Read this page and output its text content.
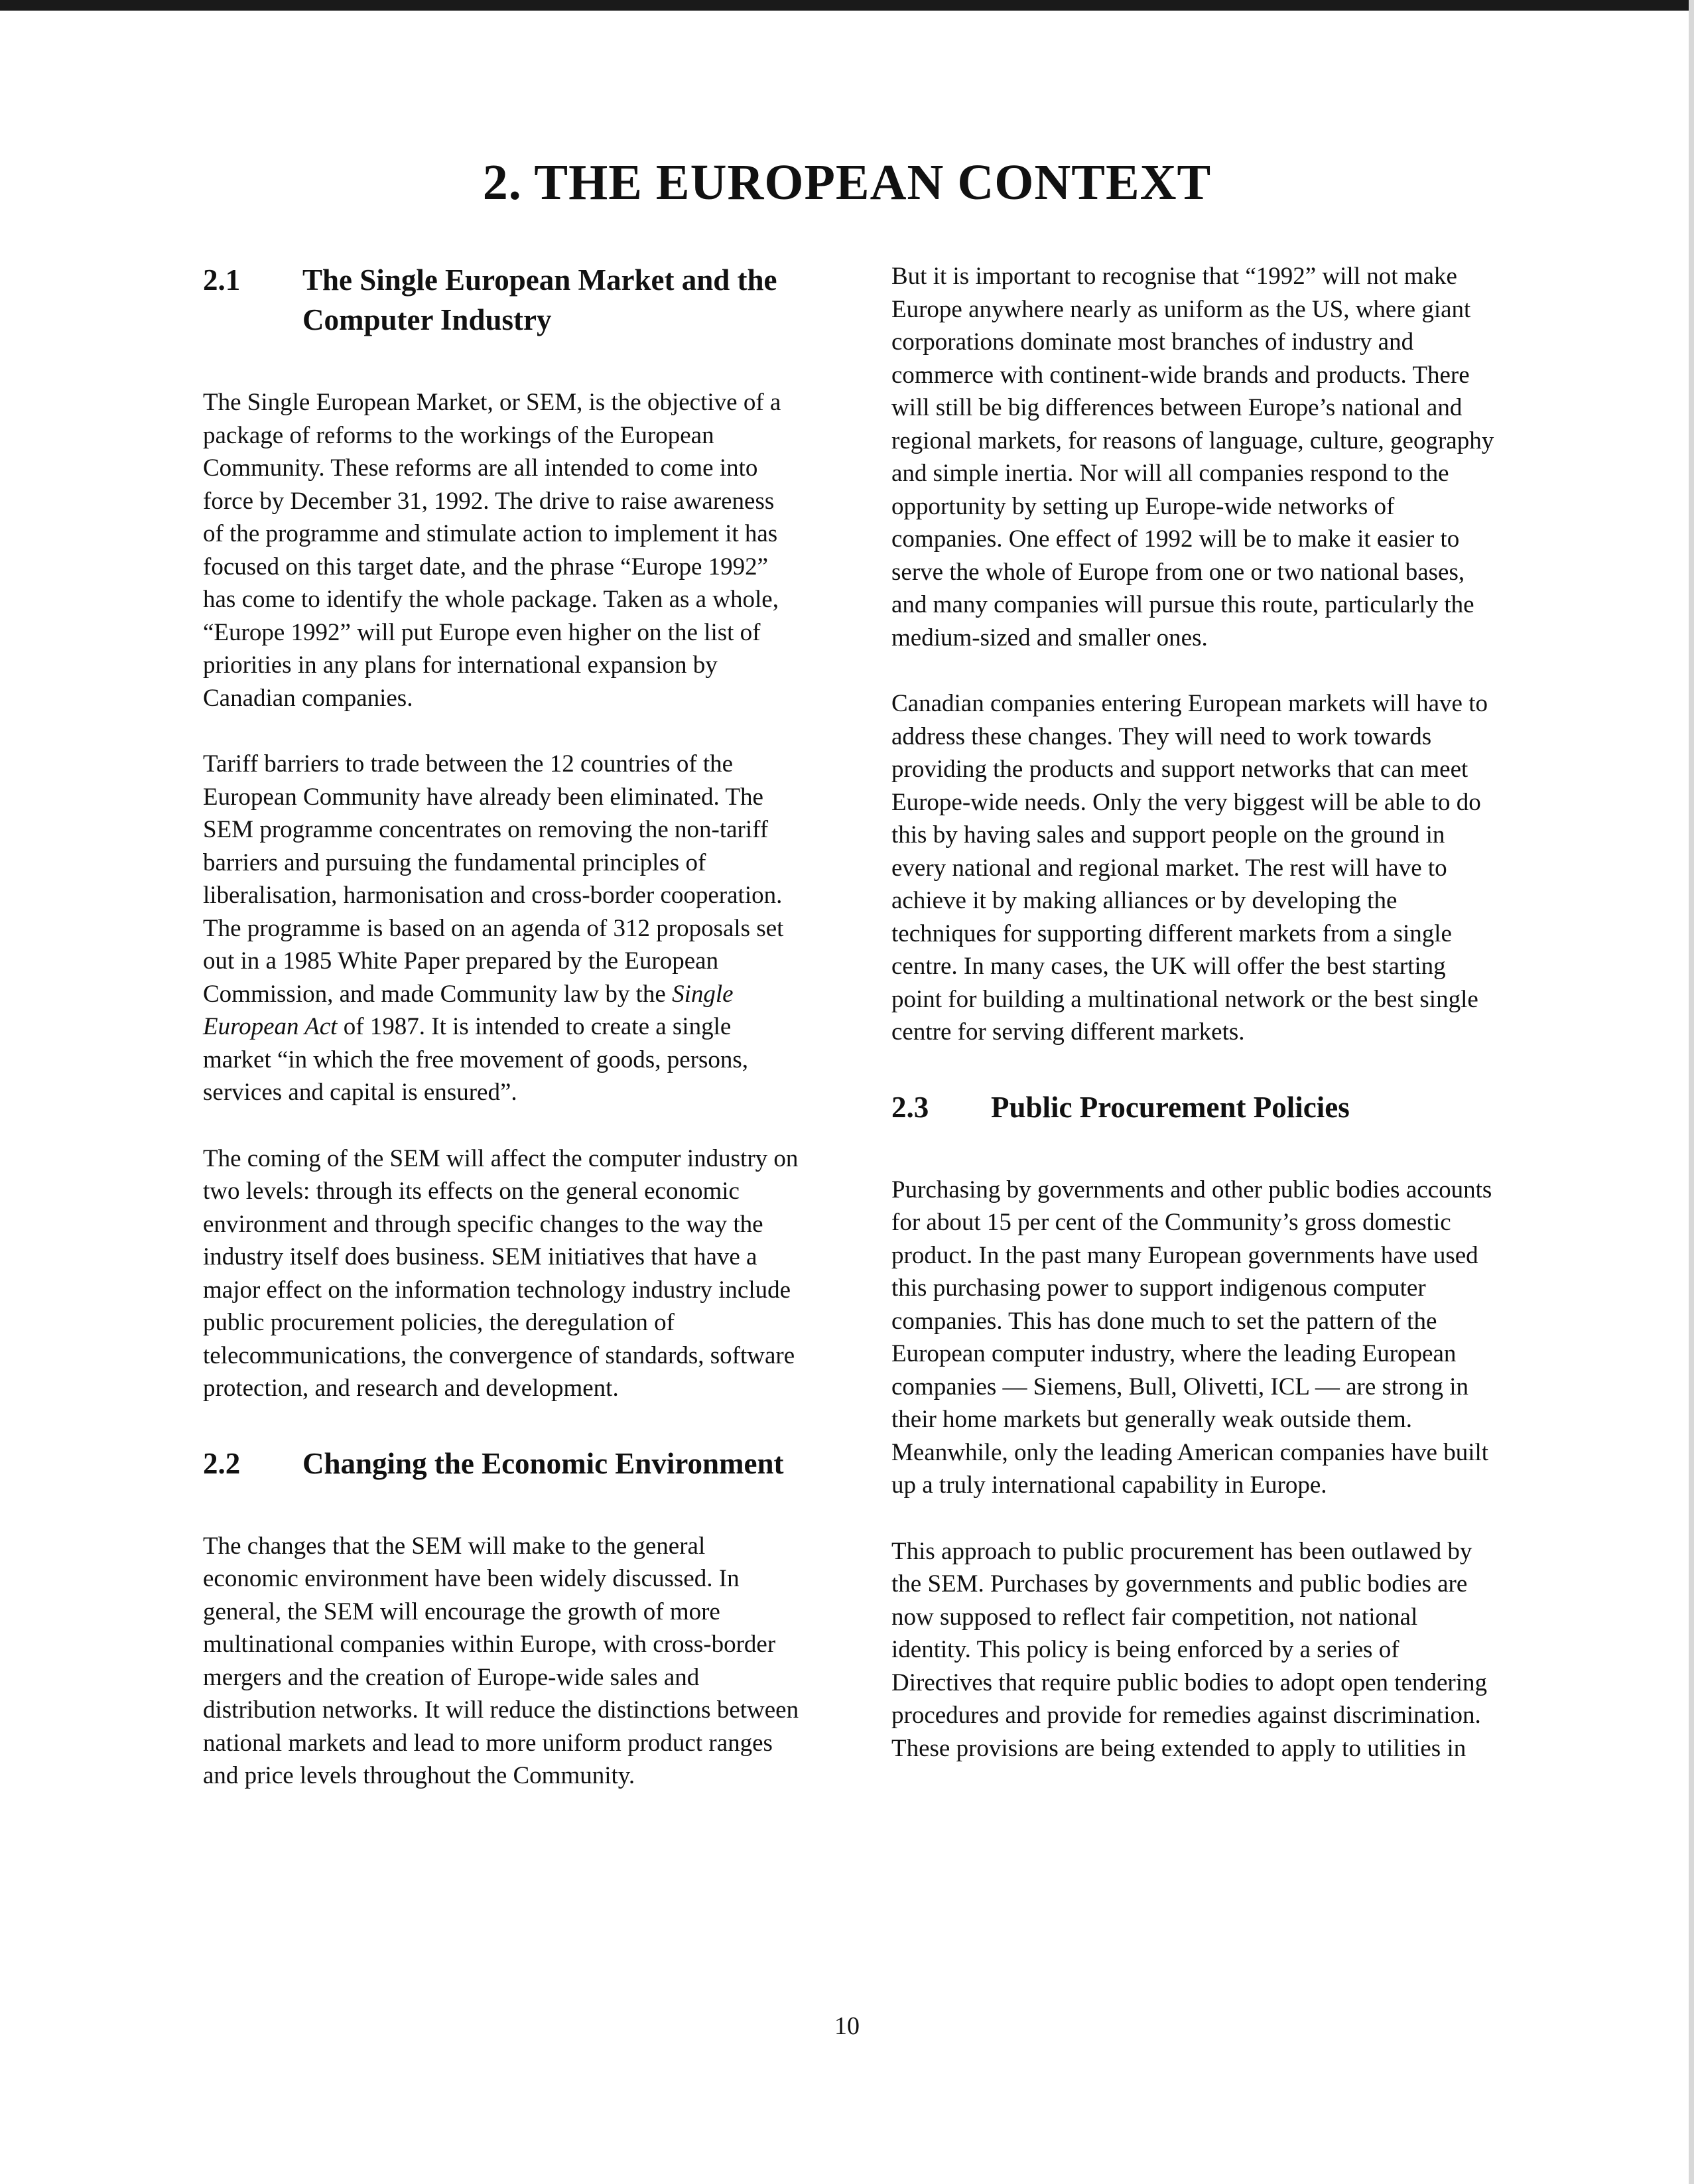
2. THE EUROPEAN CONTEXT
2.1	The Single European Market and the Computer Industry

The Single European Market, or SEM, is the objective of a package of reforms to the workings of the European Community. These reforms are all intended to come into force by December 31, 1992. The drive to raise awareness of the programme and stimulate action to implement it has focused on this target date, and the phrase “Europe 1992” has come to identify the whole package. Taken as a whole, “Europe 1992” will put Europe even higher on the list of priorities in any plans for international expansion by Canadian companies.

Tariff barriers to trade between the 12 countries of the European Community have already been eliminated. The SEM programme concentrates on removing the non-tariff barriers and pursuing the fundamental principles of liberalisation, harmonisation and cross-border cooperation. The programme is based on an agenda of 312 proposals set out in a 1985 White Paper prepared by the European Commission, and made Community law by the Single European Act of 1987. It is intended to create a single market “in which the free movement of goods, persons, services and capital is ensured”.

The coming of the SEM will affect the computer industry on two levels: through its effects on the general economic environment and through specific changes to the way the industry itself does business. SEM initiatives that have a major effect on the information technology industry include public procurement policies, the deregulation of telecommunications, the convergence of standards, software protection, and research and development.

2.2	Changing the Economic Environment

The changes that the SEM will make to the general economic environment have been widely discussed. In general, the SEM will encourage the growth of more multinational companies within Europe, with cross-border mergers and the creation of Europe-wide sales and distribution networks. It will reduce the distinctions between national markets and lead to more uniform product ranges and price levels throughout the Community.

But it is important to recognise that “1992” will not make Europe anywhere nearly as uniform as the US, where giant corporations dominate most branches of industry and commerce with continent-wide brands and products. There will still be big differences between Europe’s national and regional markets, for reasons of language, culture, geography and simple inertia. Nor will all companies respond to the opportunity by setting up Europe-wide networks of companies. One effect of 1992 will be to make it easier to serve the whole of Europe from one or two national bases, and many companies will pursue this route, particularly the medium-sized and smaller ones.

Canadian companies entering European markets will have to address these changes. They will need to work towards providing the products and support networks that can meet Europe-wide needs. Only the very biggest will be able to do this by having sales and support people on the ground in every national and regional market. The rest will have to achieve it by making alliances or by developing the techniques for supporting different markets from a single centre. In many cases, the UK will offer the best starting point for building a multinational network or the best single centre for serving different markets.

2.3	Public Procurement Policies

Purchasing by governments and other public bodies accounts for about 15 per cent of the Community’s gross domestic product. In the past many European governments have used this purchasing power to support indigenous computer companies. This has done much to set the pattern of the European computer industry, where the leading European companies — Siemens, Bull, Olivetti, ICL — are strong in their home markets but generally weak outside them. Meanwhile, only the leading American companies have built up a truly international capability in Europe.

This approach to public procurement has been outlawed by the SEM. Purchases by governments and public bodies are now supposed to reflect fair competition, not national identity. This policy is being enforced by a series of Directives that require public bodies to adopt open tendering procedures and provide for remedies against discrimination. These provisions are being extended to apply to utilities in

10
